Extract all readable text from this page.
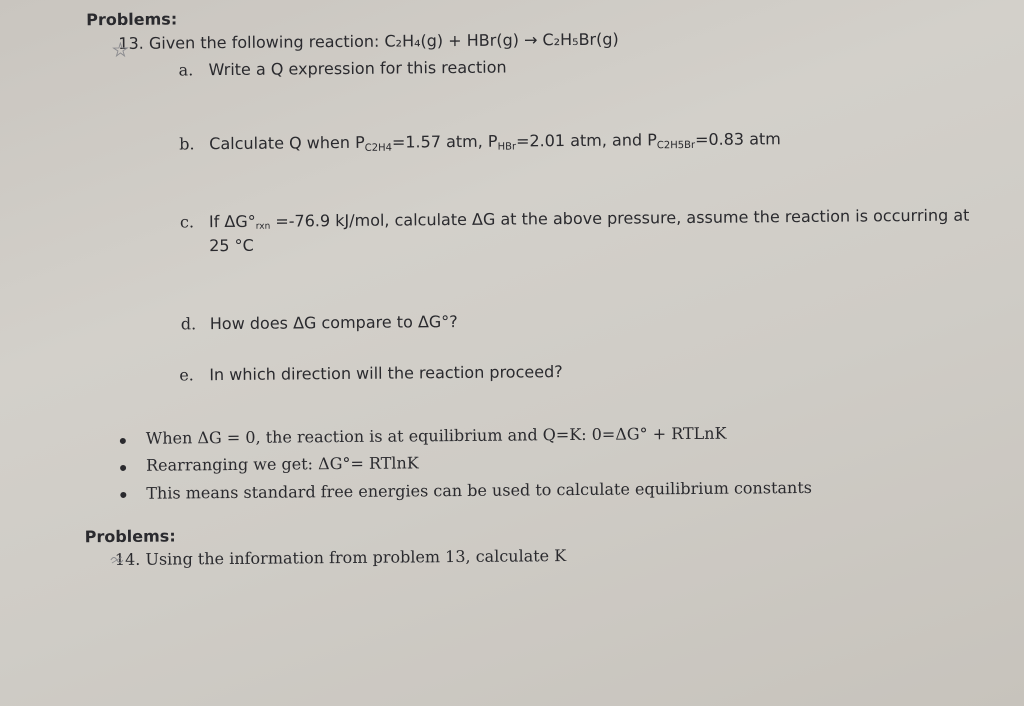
Problems:
13. Given the following reaction: C₂H₄(g) + HBr(g) → C₂H₅Br(g)
a. Write a Q expression for this reaction
b. Calculate Q when $P_{C2H4}=1.57$ atm, $P_{HBr}=2.01$ atm, and $P_{C2H5Br}=0.83$ atm
c. If ΔG°rxn =-76.9 kJ/mol, calculate ΔG at the above pressure, assume the reaction is occurring at
25 °C
d. How does ΔG compare to ΔG°?
e. In which direction will the reaction proceed?
When ΔG = 0, the reaction is at equilibrium and Q=K: 0=ΔG° + RTLnK
Rearranging we get: ΔG°= RTlnK
This means standard free energies can be used to calculate equilibrium constants
Problems:
14. Using the information from problem 13, calculate K
